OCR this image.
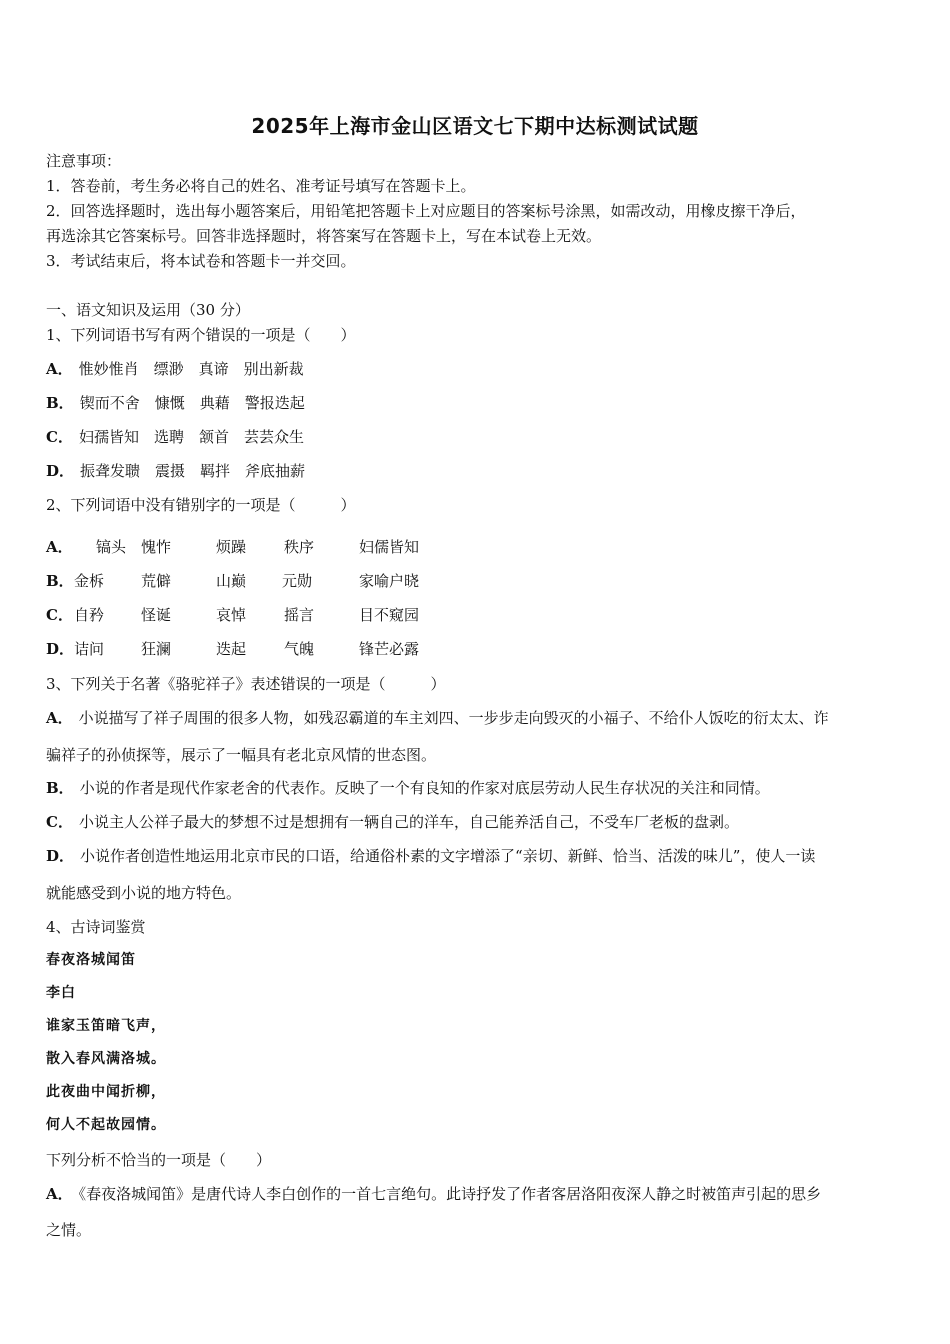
2025年上海市金山区语文七下期中达标测试试题
注意事项：
1．答卷前，考生务必将自己的姓名、准考证号填写在答题卡上。
2．回答选择题时，选出每小题答案后，用铅笔把答题卡上对应题目的答案标号涂黑，如需改动，用橡皮擦干净后，
再选涂其它答案标号。回答非选择题时，将答案写在答题卡上，写在本试卷上无效。
3．考试结束后，将本试卷和答题卡一并交回。
一、语文知识及运用（30 分）
1、下列词语书写有两个错误的一项是（　　）
A． 惟妙惟肖　缥渺　真谛　别出新裁
B． 锲而不舍　慷慨　典藉　警报迭起
C． 妇孺皆知　选聘　颔首　芸芸众生
D． 振聋发聩　震摄　羁拌　斧底抽薪
2、下列词语中没有错别字的一项是（　　　）
A． 镐头 愧怍	烦躁	秩序	妇儒皆知
B． 金柝 荒僻	山巅 元勋	家喻户晓
C． 自矜 怪诞	哀悼	摇言	目不窥园
D． 诘问 狂澜	迭起	气魄	锋芒必露
3、下列关于名著《骆驼祥子》表述错误的一项是（　　　）
A． 小说描写了祥子周围的很多人物，如残忍霸道的车主刘四、一步步走向毁灭的小福子、不给仆人饭吃的衍太太、诈
骗祥子的孙侦探等，展示了一幅具有老北京风情的世态图。
B． 小说的作者是现代作家老舍的代表作。反映了一个有良知的作家对底层劳动人民生存状况的关注和同情。
C． 小说主人公祥子最大的梦想不过是想拥有一辆自己的洋车，自己能养活自己，不受车厂老板的盘剥。
D． 小说作者创造性地运用北京市民的口语，给通俗朴素的文字增添了“亲切、新鲜、恰当、活泼的味儿”，使人一读
就能感受到小说的地方特色。
4、古诗词鉴赏
春夜洛城闻笛
李白
谁家玉笛暗飞声，
散入春风满洛城。
此夜曲中闻折柳，
何人不起故园情。
下列分析不恰当的一项是（　　）
A． 《春夜洛城闻笛》是唐代诗人李白创作的一首七言绝句。此诗抒发了作者客居洛阳夜深人静之时被笛声引起的思乡
之情。
